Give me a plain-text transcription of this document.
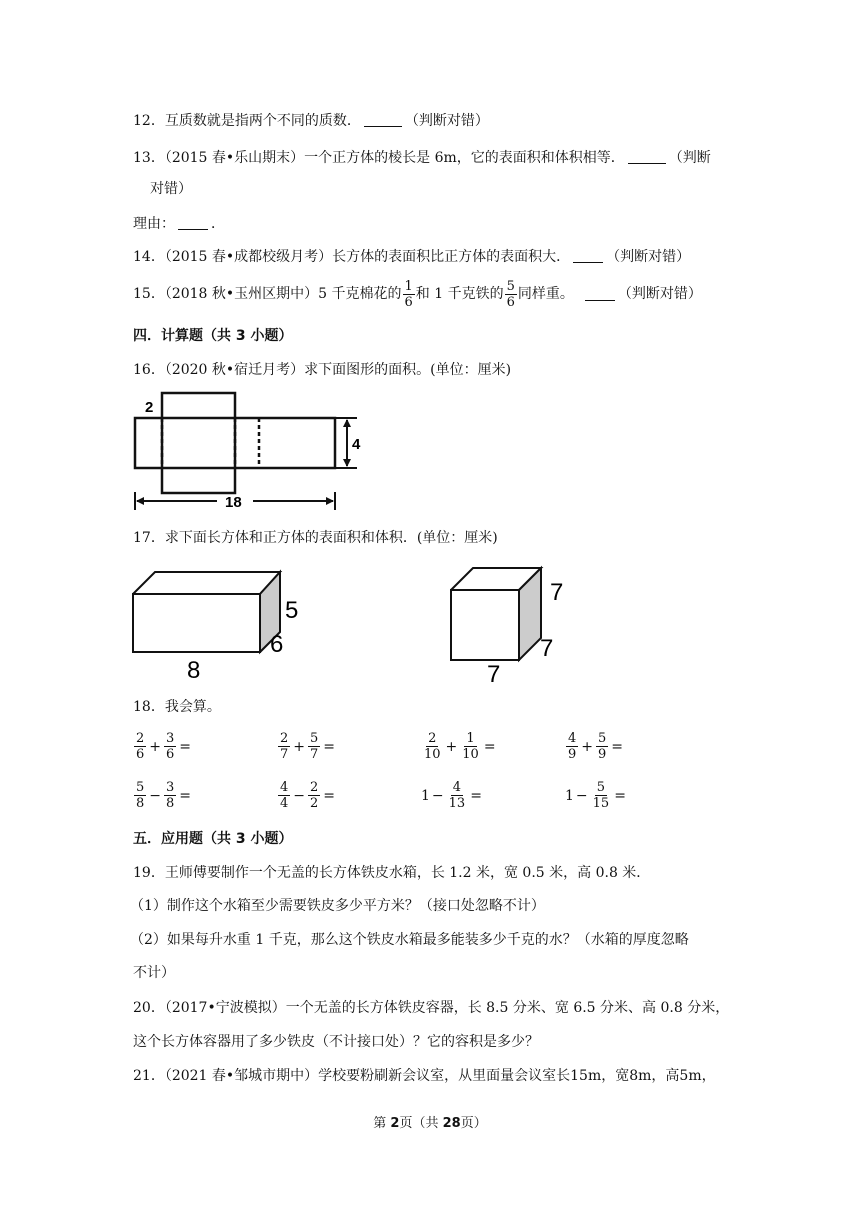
12．互质数就是指两个不同的质数．	（判断对错）
13．（2015 春•乐山期末）一个正方体的棱长是 6m，它的表面积和体积相等．	（判断
对错）
理由：	．
14．（2015 春•成都校级月考）长方体的表面积比正方体的表面积大．	（判断对错）
15．（2018 秋•玉州区期中）5 千克棉花的 $\frac{1}{6}$ 和 1 千克铁的 $\frac{5}{6}$ 同样重。	（判断对错）
四．计算题（共 3 小题）
16．（2020 秋•宿迁月考）求下面图形的面积。(单位：厘米)
2
4
18
17．求下面长方体和正方体的表面积和体积．(单位：厘米)
5
6
8
7
7
7
18．我会算。
$\frac{2}{6} + \frac{3}{6}$ =	$\frac{2}{7} + \frac{5}{7}$ =	$\frac{2}{10} + \frac{1}{10}$ =	$\frac{4}{9} + \frac{5}{9}$ =
$\frac{5}{8} - \frac{3}{8}$ =	$\frac{4}{4} - \frac{2}{2}$ =	$1 - \frac{4}{13}$ =	$1 - \frac{5}{15}$ =
五．应用题（共 3 小题）
19．王师傅要制作一个无盖的长方体铁皮水箱，长 1.2 米，宽 0.5 米，高 0.8 米．
（1）制作这个水箱至少需要铁皮多少平方米？（接口处忽略不计）
（2）如果每升水重 1 千克，那么这个铁皮水箱最多能装多少千克的水？（水箱的厚度忽略
不计）
20．（2017•宁波模拟）一个无盖的长方体铁皮容器，长 8.5 分米、宽 6.5 分米、高 0.8 分米，
这个长方体容器用了多少铁皮（不计接口处）？它的容积是多少？
21．（2021 春•邹城市期中）学校要粉刷新会议室，从里面量会议室长15m，宽8m，高5m，
第 2页（共 28页）
